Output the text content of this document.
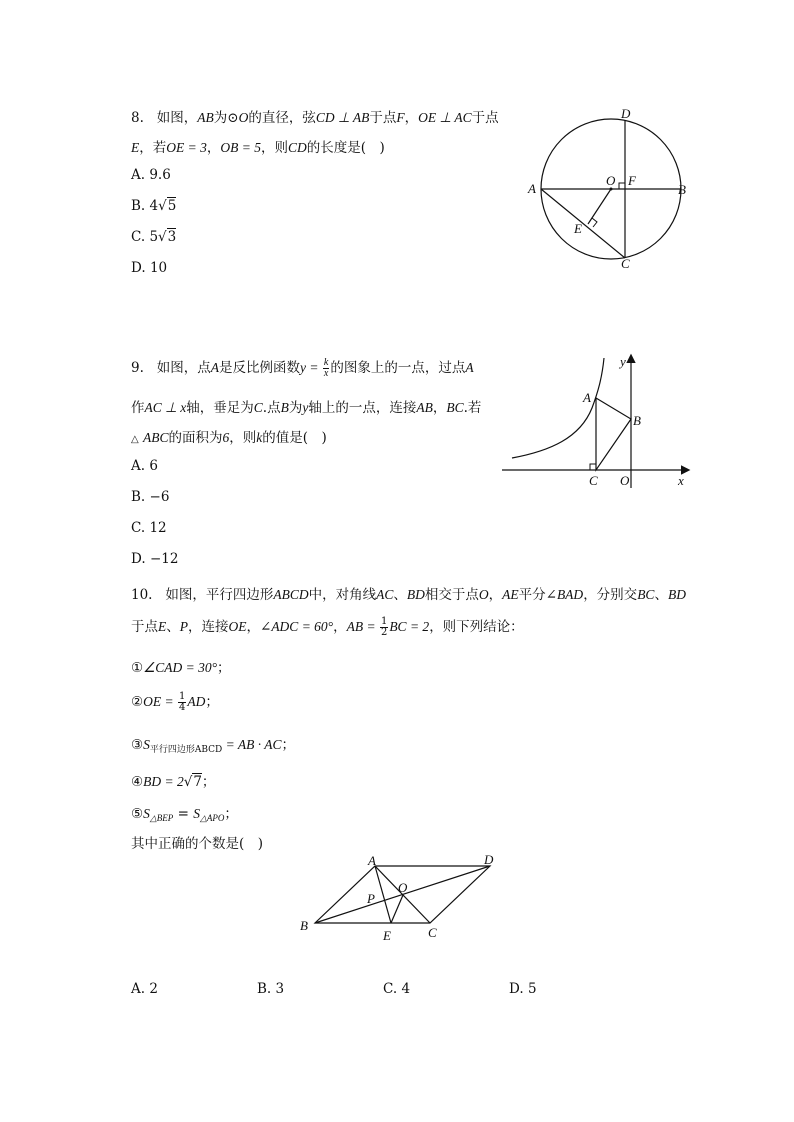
8. 如图，AB为⊙O的直径，弦CD ⊥ AB于点F，OE ⊥ AC于点
E，若OE = 3，OB = 5，则CD的长度是(　)
A. 9.6
B. 4√5
C. 5√3
D. 10
D
O F
A	B
E
C
9. 如图，点A是反比例函数$y = \frac{k}{x}$ 的图象上的一点，过点A
作AC ⊥ x轴，垂足为C.点B为y轴上的一点，连接AB，BC.若
△ ABC的面积为6，则k的值是(　)
A. 6
B. −6
C. 12
D. −12
y
A
B
C O	x
10. 如图，平行四边形ABCD中，对角线AC、BD相交于点O，AE平分∠BAD，分别交BC、BD
于点E、P，连接OE，∠ADC = 60°，AB = $\frac{1}{2}$ BC = 2，则下列结论：
①∠CAD = 30°；
②OE = $\frac{1}{4}$ AD；
$③S_{平行四边形ABCD}$ = AB · AC；
④BD = 2√7；
$⑤S_{\triangle BEP} = S_{\triangle APO}$；
其中正确的个数是(　)
A	D
P
O
B
E	C
A. 2	B. 3	C. 4	D. 5
